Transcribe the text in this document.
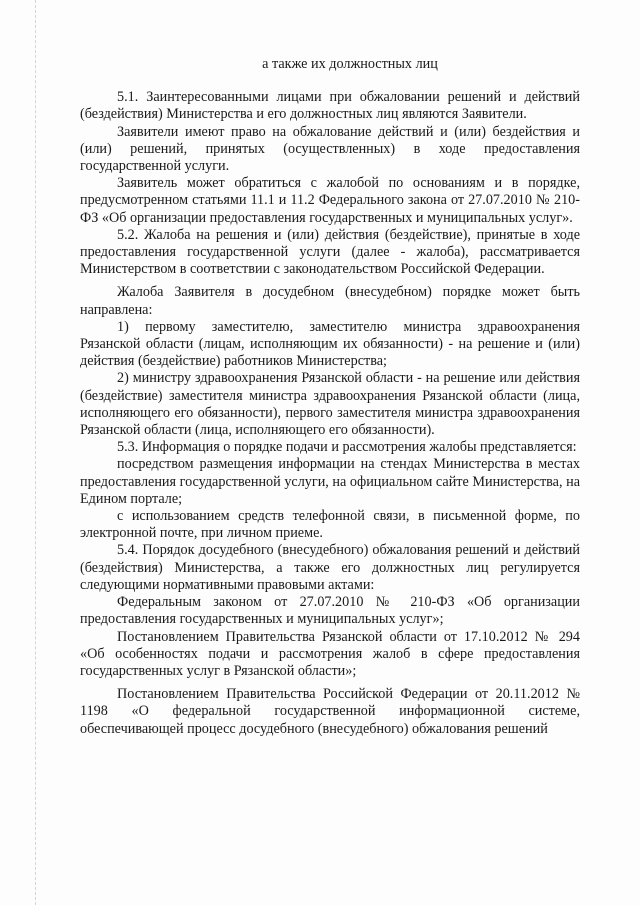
а также их должностных лиц

5.1. Заинтересованными лицами при обжаловании решений и действий (бездействия) Министерства и его должностных лиц являются Заявители.

Заявители имеют право на обжалование действий и (или) бездействия и (или) решений, принятых (осуществленных) в ходе предоставления государственной услуги.

Заявитель может обратиться с жалобой по основаниям и в порядке, предусмотренном статьями 11.1 и 11.2 Федерального закона от 27.07.2010 № 210-ФЗ «Об организации предоставления государственных и муниципальных услуг».

5.2. Жалоба на решения и (или) действия (бездействие), принятые в ходе предоставления государственной услуги (далее - жалоба), рассматривается Министерством в соответствии с законодательством Российской Федерации.

Жалоба Заявителя в досудебном (внесудебном) порядке может быть направлена:

1) первому заместителю, заместителю министра здравоохранения Рязанской области (лицам, исполняющим их обязанности) - на решение и (или) действия (бездействие) работников Министерства;

2) министру здравоохранения Рязанской области - на решение или действия (бездействие) заместителя министра здравоохранения Рязанской области (лица, исполняющего его обязанности), первого заместителя министра здравоохранения Рязанской области (лица, исполняющего его обязанности).

5.3. Информация о порядке подачи и рассмотрения жалобы представляется:

посредством размещения информации на стендах Министерства в местах предоставления государственной услуги, на официальном сайте Министерства, на Едином портале;

с использованием средств телефонной связи, в письменной форме, по электронной почте, при личном приеме.

5.4. Порядок досудебного (внесудебного) обжалования решений и действий (бездействия) Министерства, а также его должностных лиц регулируется следующими нормативными правовыми актами:

Федеральным законом от 27.07.2010 № 210-ФЗ «Об организации предоставления государственных и муниципальных услуг»;

Постановлением Правительства Рязанской области от 17.10.2012 № 294 «Об особенностях подачи и рассмотрения жалоб в сфере предоставления государственных услуг в Рязанской области»;

Постановлением Правительства Российской Федерации от 20.11.2012 № 1198 «О федеральной государственной информационной системе, обеспечивающей процесс досудебного (внесудебного) обжалования решений
